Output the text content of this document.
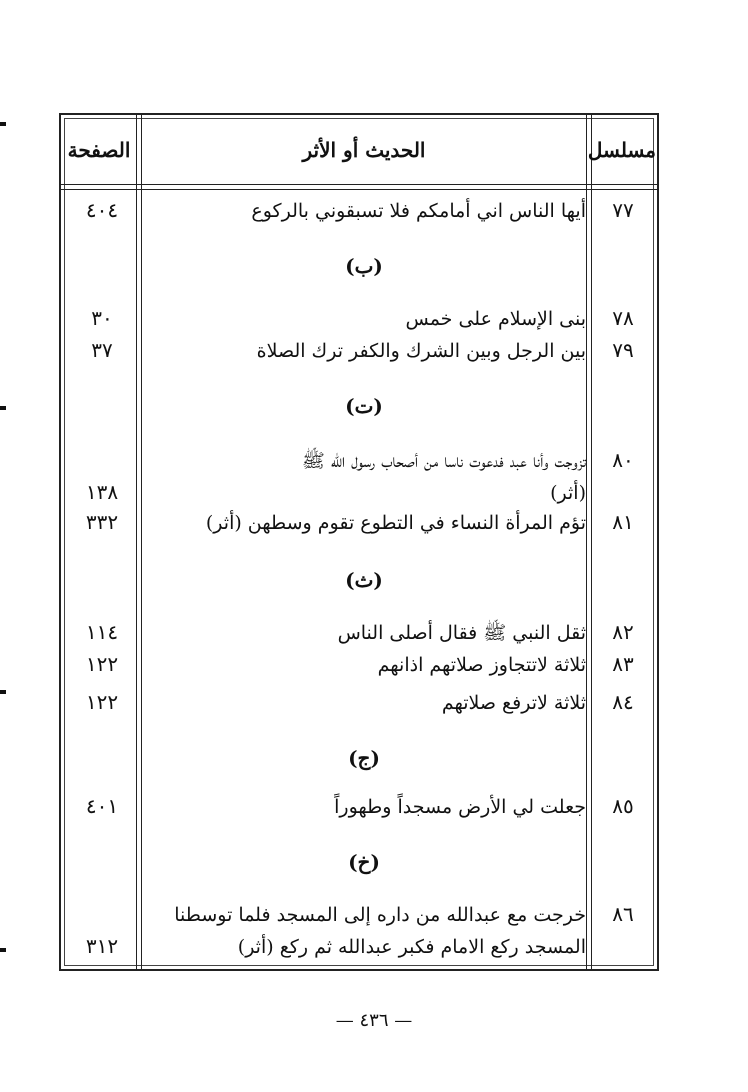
مسلسل
الحديث أو الأثر
الصفحة
٧٧
أيها الناس اني أمامكم فلا تسبقوني بالركوع
٤٠٤
(ب)
٧٨
بنى الإسلام على خمس
٣٠
٧٩
بين الرجل وبين الشرك والكفر ترك الصلاة
٣٧
(ت)
٨٠
تزوجت وأنا عبد فدعوت ناسا من أصحاب رسول الله ﷺ
(أثر)
١٣٨
٨١
تؤم المرأة النساء في التطوع تقوم وسطهن (أثر)
٣٣٢
(ث)
٨٢
ثقل النبي ﷺ فقال أصلى الناس
١١٤
٨٣
ثلاثة لاتتجاوز صلاتهم اذانهم
١٢٢
٨٤
ثلاثة لاترفع صلاتهم
١٢٢
(ج)
٨٥
جعلت لي الأرض مسجداً وطهوراً
٤٠١
(خ)
٨٦
خرجت مع عبدالله من داره إلى المسجد فلما توسطنا
المسجد ركع الامام فكبر عبدالله ثم ركع (أثر)
٣١٢
— ٤٣٦ —
